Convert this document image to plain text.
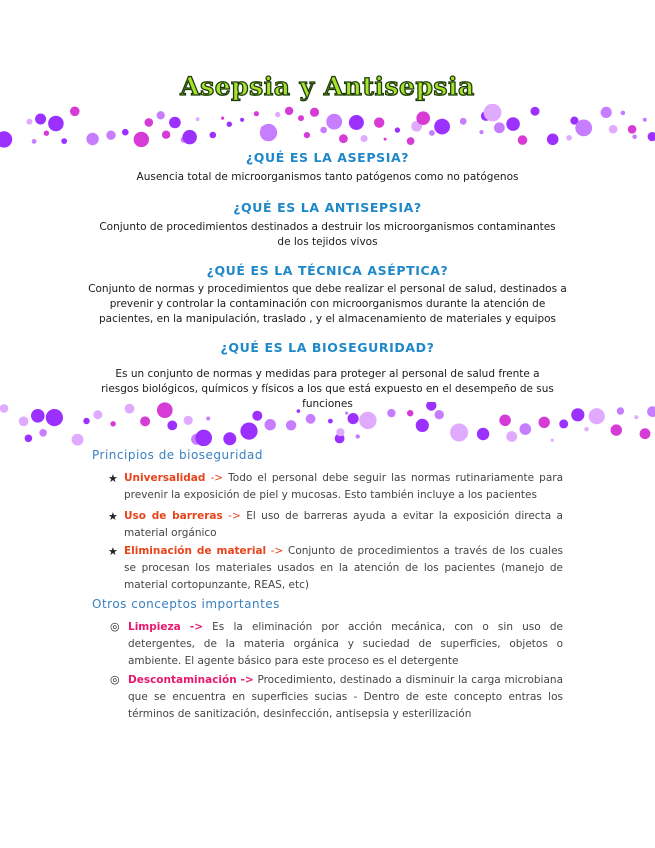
Asepsia y Antisepsia
¿QUÉ ES LA ASEPSIA?
Ausencia total de microorganismos tanto patógenos como no patógenos
¿QUÉ ES LA ANTISEPSIA?
Conjunto de procedimientos destinados a destruir los microorganismos contaminantes de los tejidos vivos
¿QUÉ ES LA TÉCNICA ASÉPTICA?
Conjunto de normas y procedimientos que debe realizar el personal de salud, destinados a prevenir y controlar la contaminación con microorganismos durante la atención de pacientes, en la manipulación, traslado , y el almacenamiento de materiales y equipos
¿QUÉ ES LA BIOSEGURIDAD?
Es un conjunto de normas y medidas para proteger al personal de salud frente a riesgos biológicos, químicos y físicos a los que está expuesto en el desempeño de sus funciones
Principios de bioseguridad
★ Universalidad -> Todo el personal debe seguir las normas rutinariamente para prevenir la exposición de piel y mucosas. Esto también incluye a los pacientes
★ Uso de barreras -> El uso de barreras ayuda a evitar la exposición directa a material orgánico
★ Eliminación de material -> Conjunto de procedimientos a través de los cuales se procesan los materiales usados en la atención de los pacientes (manejo de material cortopunzante, REAS, etc)
Otros conceptos importantes
◎ Limpieza -> Es la eliminación por acción mecánica, con o sin uso de detergentes, de la materia orgánica y suciedad de superficies, objetos o ambiente. El agente básico para este proceso es el detergente
◎ Descontaminación -> Procedimiento, destinado a disminuir la carga microbiana que se encuentra en superficies sucias - Dentro de este concepto entras los términos de sanitización, desinfección, antisepsia y esterilización
